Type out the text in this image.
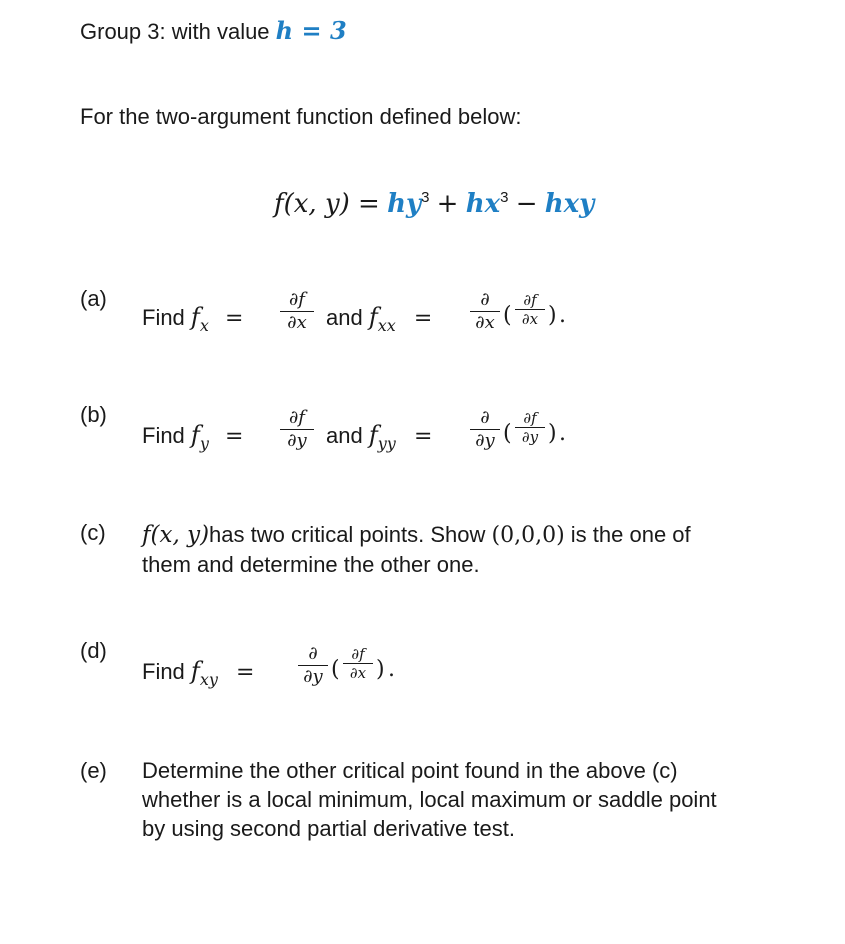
Group 3: with value h = 3
For the two-argument function defined below:
f(x, $y) = hy^3 + hx^3$ − hxy
(a)
Find $f_x$ =
∂f
∂x and $f_{xx}$ =
∂
∂x (
∂f
∂x ) .
(b)
Find $f_y$ =
∂f
∂y and $f_{yy}$ =
∂
∂y (
∂f
∂y ) .
(c) f(x, y)has two critical points. Show (0,0,0) is the one of
them and determine the other one.
(d)
Find $f_{xy}$ =
∂
∂y (
∂f
∂x ) .
(e) Determine the other critical point found in the above (c)
whether is a local minimum, local maximum or saddle point
by using second partial derivative test.
